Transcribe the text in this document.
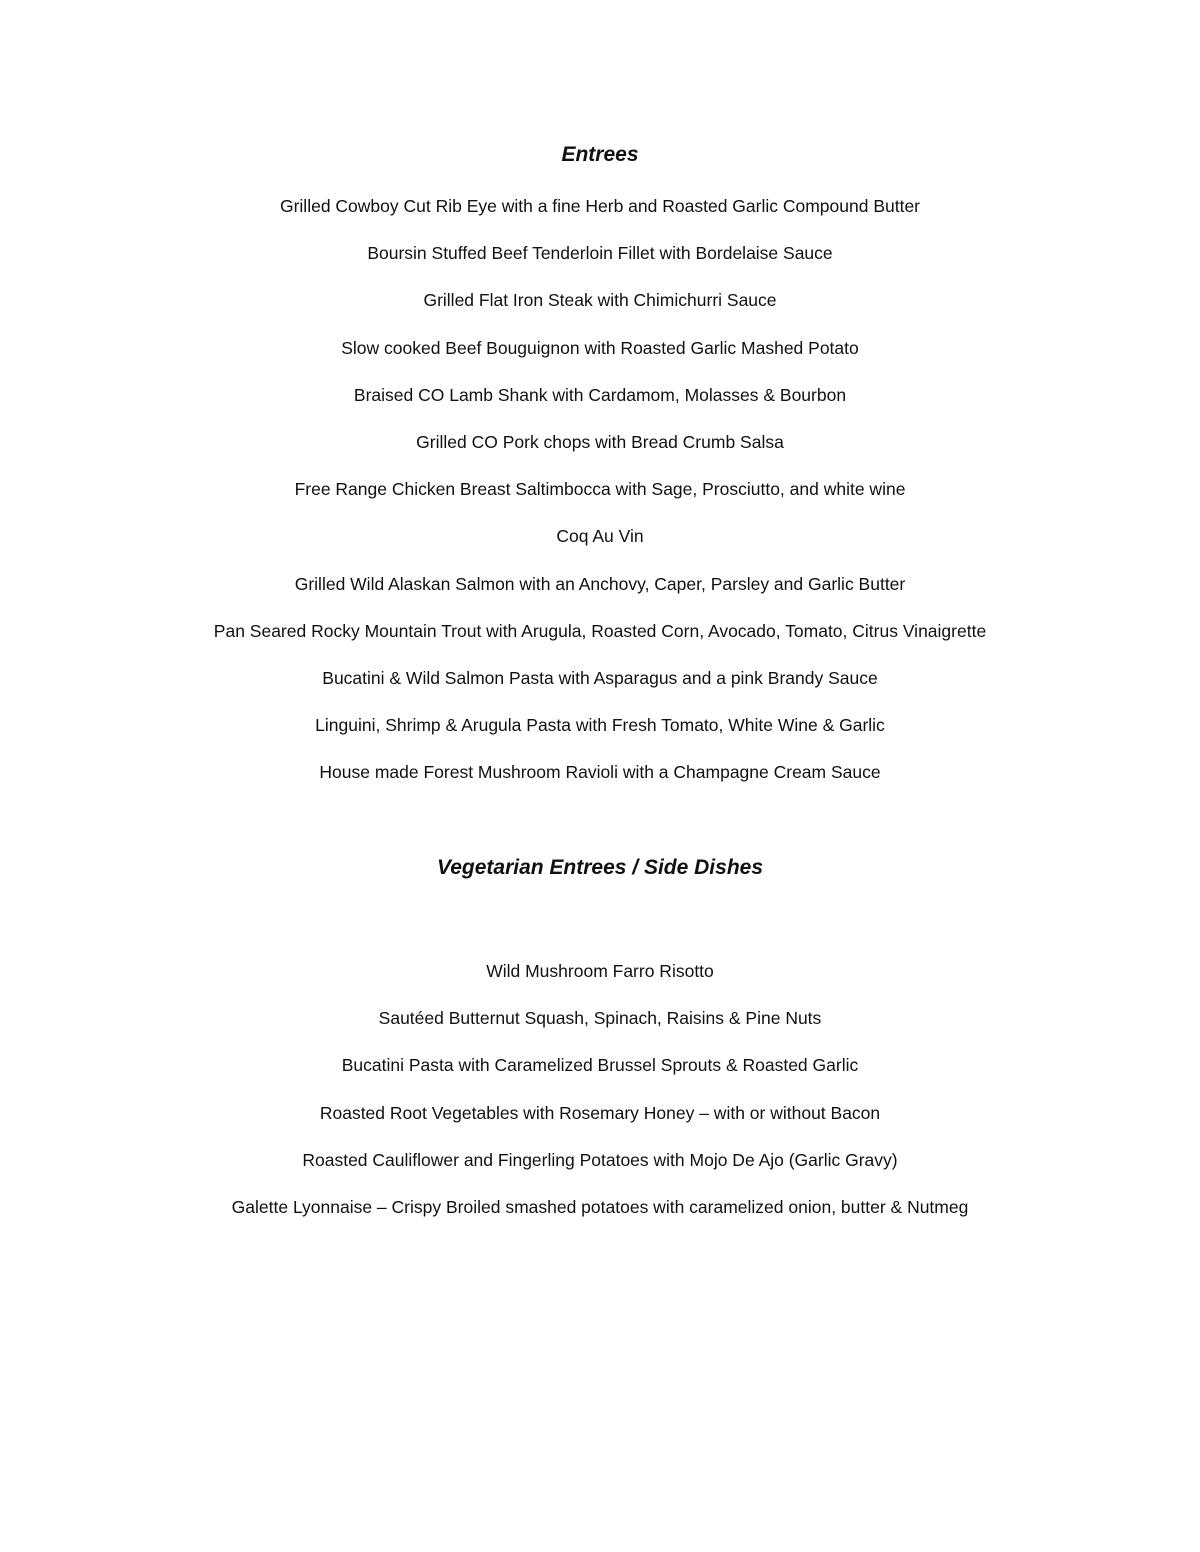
Entrees
Grilled Cowboy Cut Rib Eye with a fine Herb and Roasted Garlic Compound Butter
Boursin Stuffed Beef Tenderloin Fillet with Bordelaise Sauce
Grilled Flat Iron Steak with Chimichurri Sauce
Slow cooked Beef Bouguignon with Roasted Garlic Mashed Potato
Braised CO Lamb Shank with Cardamom, Molasses & Bourbon
Grilled CO Pork chops with Bread Crumb Salsa
Free Range Chicken Breast Saltimbocca with Sage, Prosciutto, and white wine
Coq Au Vin
Grilled Wild Alaskan Salmon with an Anchovy, Caper, Parsley and Garlic Butter
Pan Seared Rocky Mountain Trout with Arugula, Roasted Corn, Avocado, Tomato, Citrus Vinaigrette
Bucatini & Wild Salmon Pasta with Asparagus and a pink Brandy Sauce
Linguini, Shrimp & Arugula Pasta with Fresh Tomato, White Wine & Garlic
House made Forest Mushroom Ravioli with a Champagne Cream Sauce
Vegetarian Entrees / Side Dishes
Wild Mushroom Farro Risotto
Sautéed Butternut Squash, Spinach, Raisins & Pine Nuts
Bucatini Pasta with Caramelized Brussel Sprouts & Roasted Garlic
Roasted Root Vegetables with Rosemary Honey – with or without Bacon
Roasted Cauliflower and Fingerling Potatoes with Mojo De Ajo (Garlic Gravy)
Galette Lyonnaise – Crispy Broiled smashed potatoes with caramelized onion, butter & Nutmeg
